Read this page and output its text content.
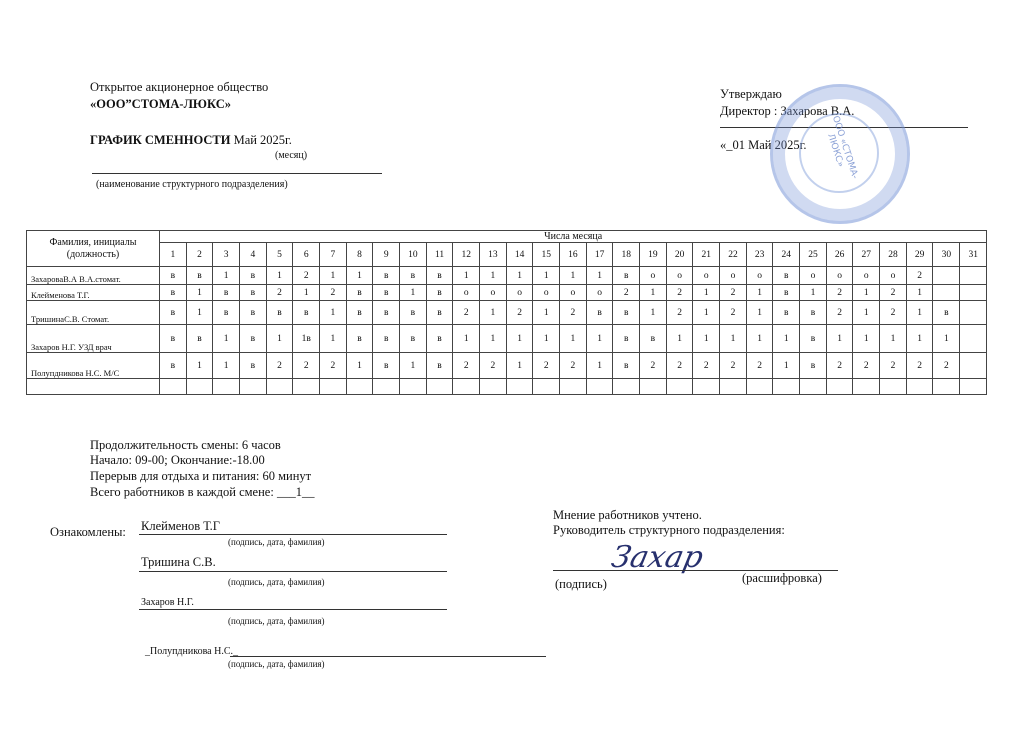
Открытое акционерное общество
«ООО”СТОМА-ЛЮКС»
ГРАФИК СМЕННОСТИ Май 2025г.
(месяц)
(наименование структурного подразделения)
Утверждаю
Директор : Захарова В.А.
«_01 Май 2025г.	ООО «СТОМА-ЛЮКС»
Фамилия, инициалы (должность)	Числа месяца																														
	1	2	3	4	5	6	7	8	9	10	11	12	13	14	15	16	17	18	19	20	21	22	23	24	25	26	27	28	29	30	31
ЗахароваВ.А В.А.стомат.	в	в	1	в	1	2	1	1	в	в	в	1	1	1	1	1	1	в	о	о	о	о	о	в	о	о	о	о	2		
Клейменова Т.Г.	в	1	в	в	2	1	2	в	в	1	в	о	о	о	о	о	о	2	1	2	1	2	1	в	1	2	1	2	1		
ТришинаС.В. Стомат.	в	1	в	в	в	в	1	в	в	в	в	2	1	2	1	2	в	в	1	2	1	2	1	в	в	2	1	2	1	в	
Захаров Н.Г. УЗД врач	в	в	1	в	1	1в	1	в	в	в	в	1	1	1	1	1	1	в	в	1	1	1	1	1	в	1	1	1	1	1	
Полупдникова Н.С. М/С	в	1	1	в	2	2	2	1	в	1	в	2	2	1	2	2	1	в	2	2	2	2	2	1	в	2	2	2	2	2	

Продолжительность смены: 6 часов
Начало: 09-00; Окончание:-18.00
Перерыв для отдыха и питания: 60 минут
Всего работников в каждой смене: ___1__
Ознакомлены: Клейменов Т.Г
(подпись, дата, фамилия)
Тришина С.В.
(подпись, дата, фамилия)
Захаров Н.Г.
(подпись, дата, фамилия)
_Полупдникова Н.С._
(подпись, дата, фамилия)
Мнение работников учтено.
Руководитель структурного подразделения:
Захар
(подпись)	(расшифровка)
